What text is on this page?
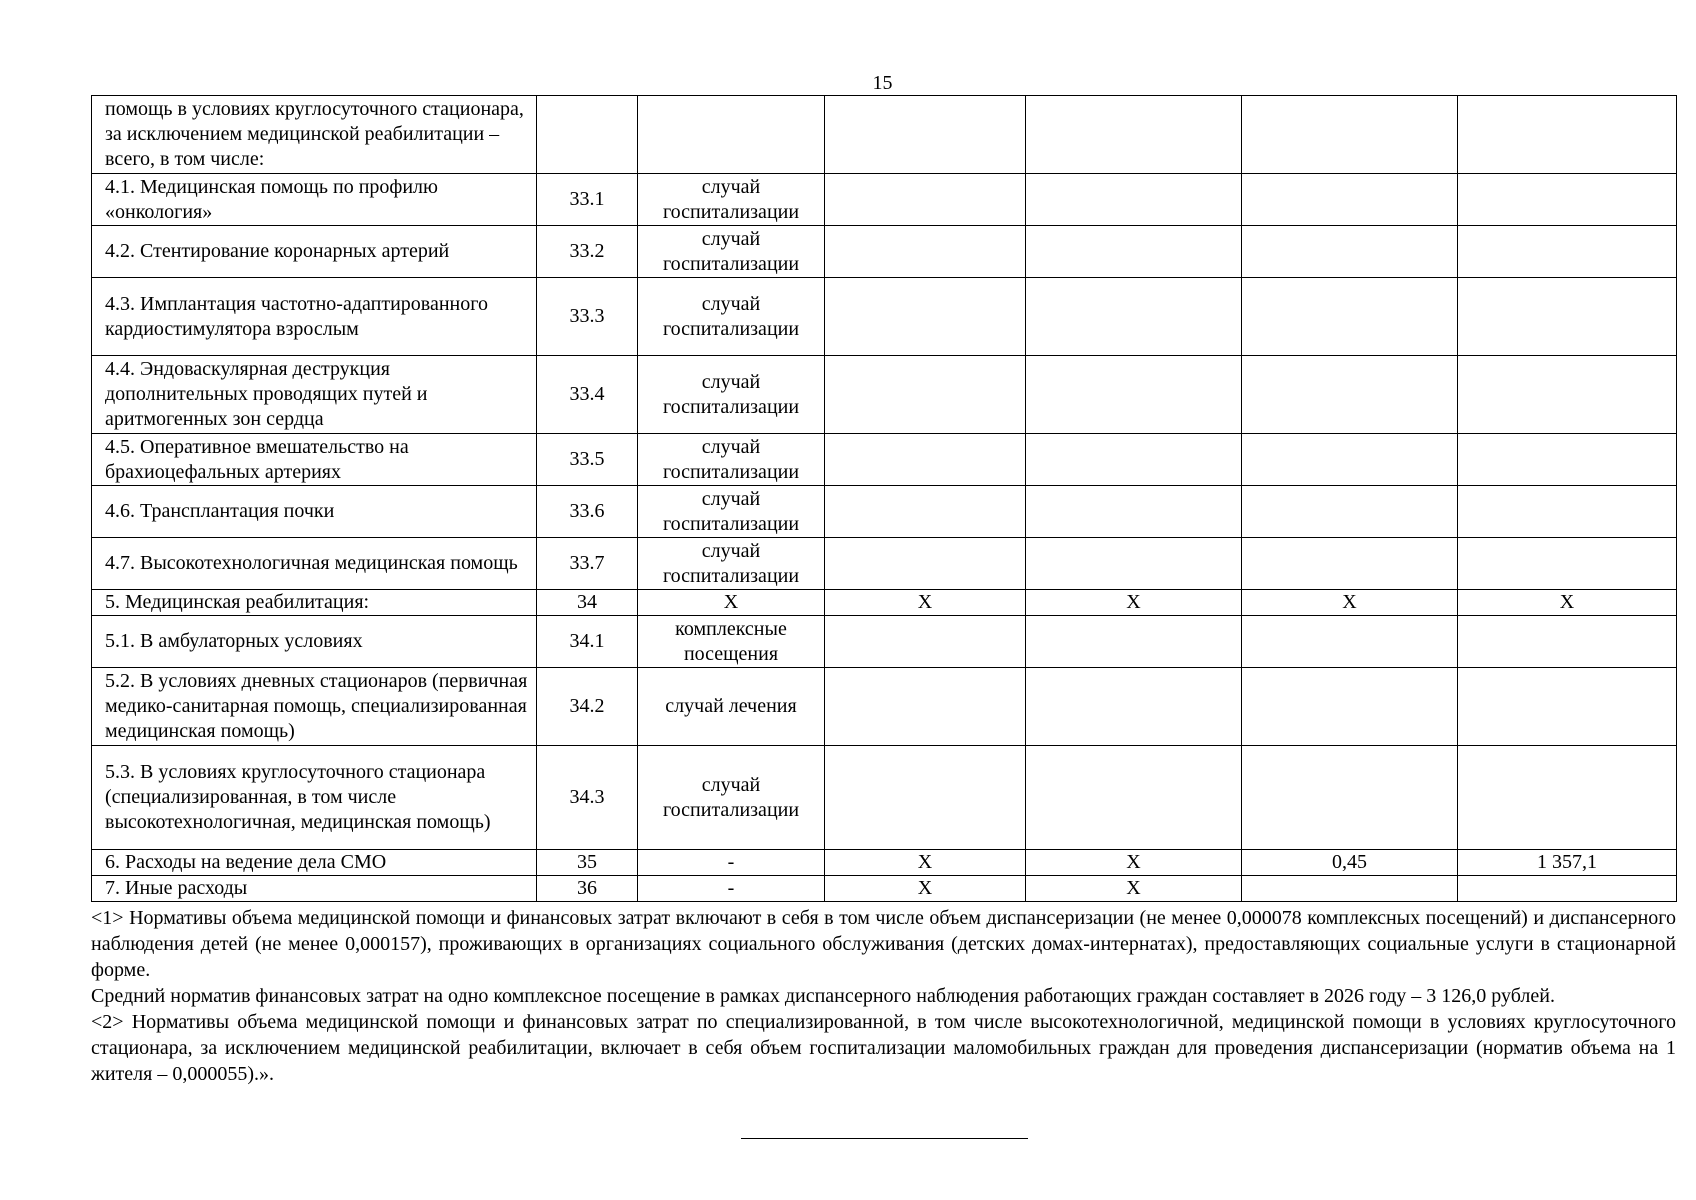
15
помощь в условиях круглосуточного стационара, за исключением медицинской реабилитации – всего, в том числе:						
4.1. Медицинская помощь по профилю «онкология»	33.1	случай госпитализации				
4.2. Стентирование коронарных артерий	33.2	случай госпитализации				
4.3. Имплантация частотно-адаптированного кардиостимулятора взрослым	33.3	случай госпитализации				
4.4. Эндоваскулярная деструкция дополнительных проводящих путей и аритмогенных зон сердца	33.4	случай госпитализации				
4.5. Оперативное вмешательство на брахиоцефальных артериях	33.5	случай госпитализации				
4.6. Трансплантация почки	33.6	случай госпитализации				
4.7. Высокотехнологичная медицинская помощь	33.7	случай госпитализации				
5. Медицинская реабилитация:	34	Х	Х	Х	Х	Х
5.1. В амбулаторных условиях	34.1	комплексные посещения				
5.2. В условиях дневных стационаров (первичная медико-санитарная помощь, специализированная медицинская помощь)	34.2	случай лечения				
5.3. В условиях круглосуточного стационара (специализированная, в том числе высокотехнологичная, медицинская помощь)	34.3	случай госпитализации				
6. Расходы на ведение дела СМО	35	-	Х	Х	0,45	1 357,1
7. Иные расходы	36	-	Х	Х		

<1> Нормативы объема медицинской помощи и финансовых затрат включают в себя в том числе объем диспансеризации (не менее 0,000078 комплексных посещений) и диспансерного наблюдения детей (не менее 0,000157), проживающих в организациях социального обслуживания (детских домах-интернатах), предоставляющих социальные услуги в стационарной форме.

Средний норматив финансовых затрат на одно комплексное посещение в рамках диспансерного наблюдения работающих граждан составляет в 2026 году – 3 126,0 рублей.

<2> Нормативы объема медицинской помощи и финансовых затрат по специализированной, в том числе высокотехнологичной, медицинской помощи в условиях круглосуточного стационара, за исключением медицинской реабилитации, включает в себя объем госпитализации маломобильных граждан для проведения диспансеризации (норматив объема на 1 жителя – 0,000055).».
